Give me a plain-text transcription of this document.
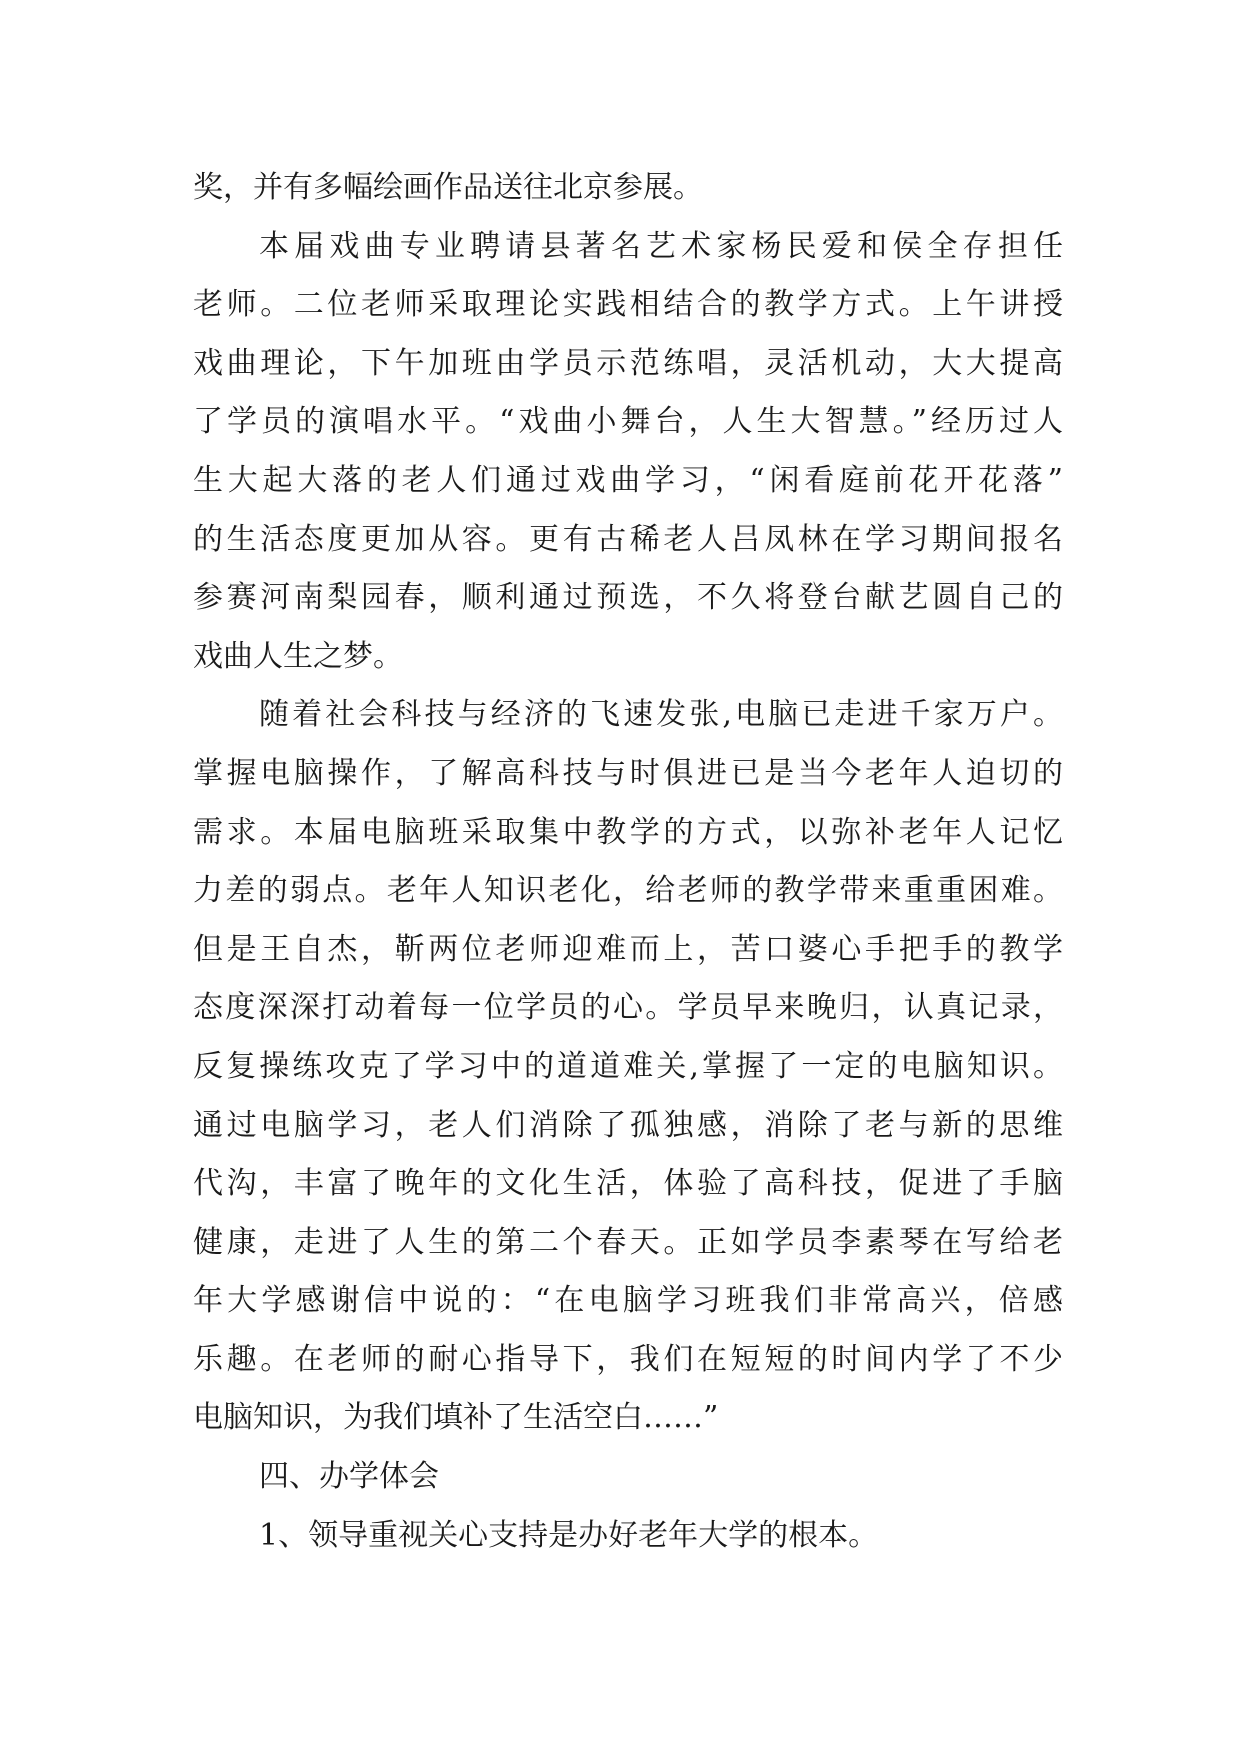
奖，并有多幅绘画作品送往北京参展。
本届戏曲专业聘请县著名艺术家杨民爱和侯全存担任
老师。二位老师采取理论实践相结合的教学方式。上午讲授
戏曲理论，下午加班由学员示范练唱，灵活机动，大大提高
了学员的演唱水平。“戏曲小舞台，人生大智慧。”经历过人
生大起大落的老人们通过戏曲学习，“闲看庭前花开花落”
的生活态度更加从容。更有古稀老人吕凤林在学习期间报名
参赛河南梨园春，顺利通过预选，不久将登台献艺圆自己的
戏曲人生之梦。
随着社会科技与经济的飞速发张,电脑已走进千家万户。
掌握电脑操作，了解高科技与时俱进已是当今老年人迫切的
需求。本届电脑班采取集中教学的方式，以弥补老年人记忆
力差的弱点。老年人知识老化，给老师的教学带来重重困难。
但是王自杰，靳两位老师迎难而上，苦口婆心手把手的教学
态度深深打动着每一位学员的心。学员早来晚归，认真记录，
反复操练攻克了学习中的道道难关,掌握了一定的电脑知识。
通过电脑学习，老人们消除了孤独感，消除了老与新的思维
代沟，丰富了晚年的文化生活，体验了高科技，促进了手脑
健康，走进了人生的第二个春天。正如学员李素琴在写给老
年大学感谢信中说的：“在电脑学习班我们非常高兴，倍感
乐趣。在老师的耐心指导下，我们在短短的时间内学了不少
电脑知识，为我们填补了生活空白……”
四、办学体会
1、领导重视关心支持是办好老年大学的根本。
